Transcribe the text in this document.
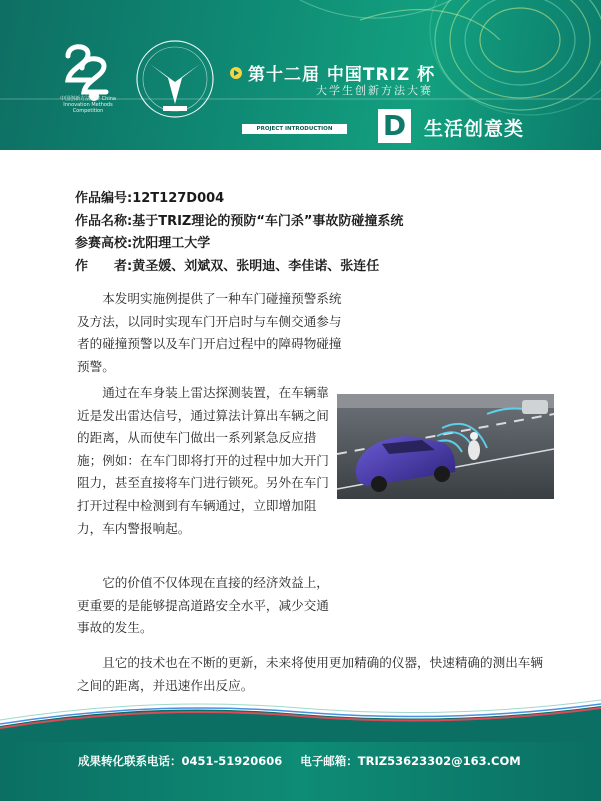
中国创新方法大赛 China Innovation Methods Competition
第十二届 中国TRIZ 杯
大学生创新方法大赛
PROJECT INTRODUCTION	D 生活创意类
作品编号:12T127D004
作品名称:基于TRIZ理论的预防“车门杀”事故防碰撞系统
参赛高校:沈阳理工大学
作 者:黄圣媛、刘斌双、张明迪、李佳诺、张连任

本发明实施例提供了一种车门碰撞预警系统及方法，以同时实现车门开启时与车侧交通参与者的碰撞预警以及车门开启过程中的障碍物碰撞预警。

通过在车身装上雷达探测装置，在车辆靠近是发出雷达信号，通过算法计算出车辆之间的距离，从而使车门做出一系列紧急反应措施；例如：在车门即将打开的过程中加大开门阻力，甚至直接将车门进行锁死。另外在车门打开过程中检测到有车辆通过，立即增加阻力，车内警报响起。

它的价值不仅体现在直接的经济效益上，更重要的是能够提高道路安全水平，减少交通事故的发生。

且它的技术也在不断的更新，未来将使用更加精确的仪器，快速精确的测出车辆之间的距离，并迅速作出反应。

成果转化联系电话：0451-51920606 电子邮箱：TRIZ53623302@163.COM
